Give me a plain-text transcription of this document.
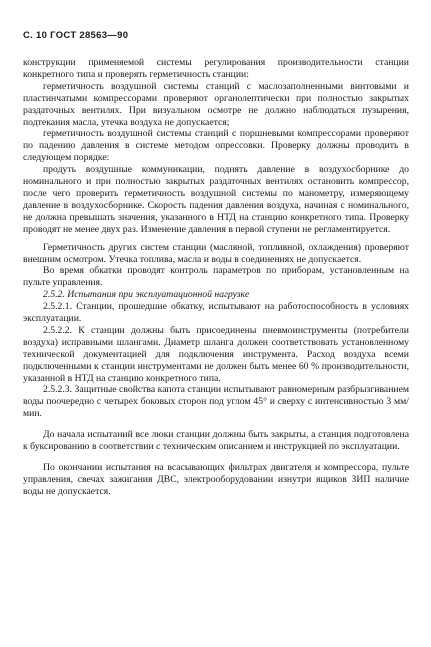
С. 10 ГОСТ 28563—90

конструкции применяемой системы регулирования производительности станции конкретного типа и проверять герметичность станции:

герметичность воздушной системы станций с маслозаполненными винтовыми и пластинчатыми компрессорами проверяют органолептически при полностью закрытых раздаточных вентилях. При визуальном осмотре не должно наблюдаться пузырения, подтекания масла, утечка воздуха не допускается;

герметичность воздушной системы станций с поршневыми компрессорами проверяют по падению давления в системе методом опрессовки. Проверку должны проводить в следующем порядке:

продуть воздушные коммуникации, поднять давление в воздухосборнике до номинального и при полностью закрытых раздаточных вентилях остановить компрессор, после чего проверить герметичность воздушной системы по манометру, измеряющему давление в воздухосборнике. Скорость падения давления воздуха, начиная с номинального, не должна превышать значения, указанного в НТД на станцию конкретного типа. Проверку проводят не менее двух раз. Изменение давления в первой ступени не регламентируется.

Герметичность других систем станции (масляной, топливной, охлаждения) проверяют внешним осмотром. Утечка топлива, масла и воды в соединениях не допускается.

Во время обкатки проводят контроль параметров по приборам, установленным на пульте управления.

2.5.2. Испытания при эксплуатационной нагрузке

2.5.2.1. Станции, прошедшие обкатку, испытывают на работоспособность в условиях эксплуатации.

2.5.2.2. К станции должны быть присоединены пневмоинструменты (потребители воздуха) исправными шлангами. Диаметр шланга должен соответствовать установленному технической документацией для подключения инструмента. Расход воздуха всеми подключенными к станции инструментами не должен быть менее 60 % производительности, указанной в НТД на станцию конкретного типа.

2.5.2.3. Защитные свойства капота станции испытывают равномерным разбрызгиванием воды поочередно с четырех боковых сторон под углом 45° и сверху с интенсивностью 3 мм/мин.

До начала испытаний все люки станции должны быть закрыты, а станция подготовлена к буксированию в соответствии с техническим описанием и инструкцией по эксплуатации.

По окончании испытания на всасывающих фильтрах двигателя и компрессора, пульте управления, свечах зажигания ДВС, электрооборудовании изнутри ящиков ЗИП наличие воды не допускается.
